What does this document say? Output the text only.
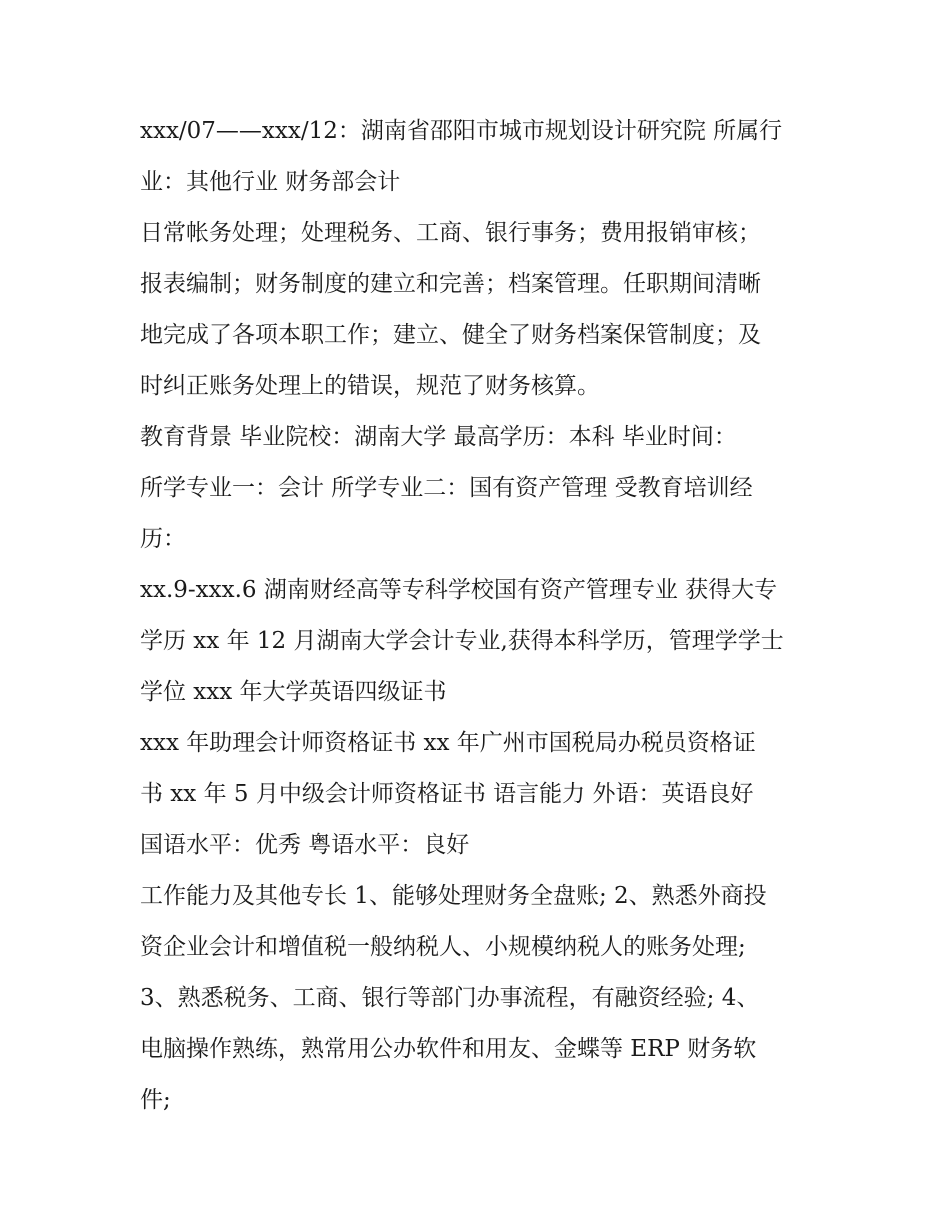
xxx/07——xxx/12：湖南省邵阳市城市规划设计研究院 所属行
业：其他行业 财务部会计
日常帐务处理；处理税务、工商、银行事务；费用报销审核；
报表编制；财务制度的建立和完善；档案管理。任职期间清晰
地完成了各项本职工作；建立、健全了财务档案保管制度；及
时纠正账务处理上的错误，规范了财务核算。
教育背景 毕业院校：湖南大学 最高学历：本科 毕业时间：
所学专业一：会计 所学专业二：国有资产管理 受教育培训经
历：
xx.9-xxx.6 湖南财经高等专科学校国有资产管理专业 获得大专
学历 xx 年 12 月湖南大学会计专业,获得本科学历，管理学学士
学位 xxx 年大学英语四级证书
xxx 年助理会计师资格证书 xx 年广州市国税局办税员资格证
书 xx 年 5 月中级会计师资格证书 语言能力 外语：英语良好
国语水平：优秀 粤语水平：良好
工作能力及其他专长 1、能够处理财务全盘账; 2、熟悉外商投
资企业会计和增值税一般纳税人、小规模纳税人的账务处理;
3、熟悉税务、工商、银行等部门办事流程，有融资经验; 4、
电脑操作熟练，熟常用公办软件和用友、金蝶等 ERP 财务软
件;
